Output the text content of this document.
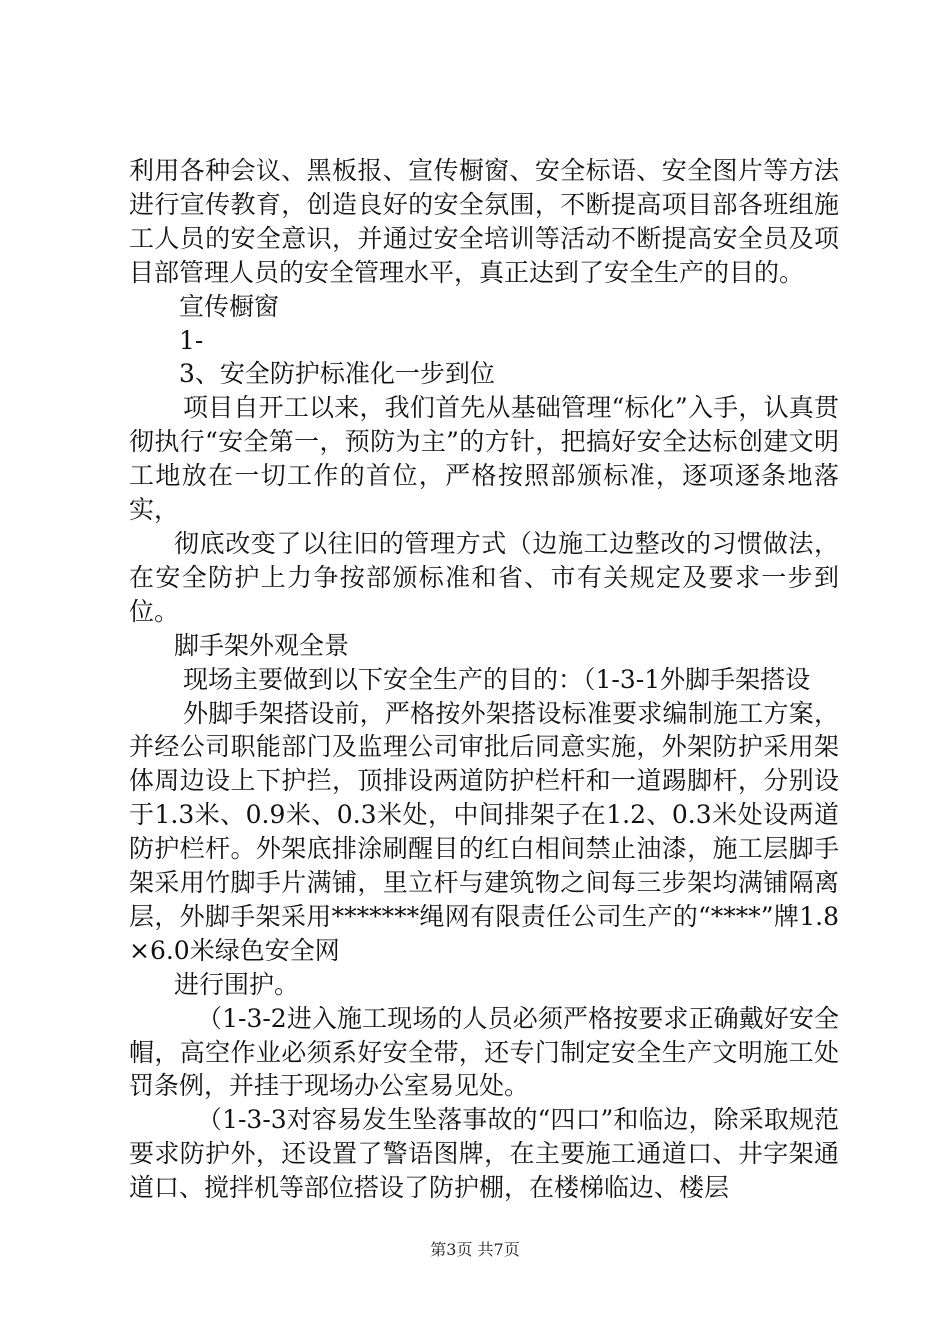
利用各种会议、黑板报、宣传橱窗、安全标语、安全图片等方法进行宣传教育，创造良好的安全氛围，不断提高项目部各班组施工人员的安全意识，并通过安全培训等活动不断提高安全员及项目部管理人员的安全管理水平，真正达到了安全生产的目的。

宣传橱窗

1-

3、安全防护标准化一步到位

项目自开工以来，我们首先从基础管理“标化”入手，认真贯彻执行“安全第一，预防为主”的方针，把搞好安全达标创建文明工地放在一切工作的首位，严格按照部颁标准，逐项逐条地落实，

彻底改变了以往旧的管理方式（边施工边整改的习惯做法，在安全防护上力争按部颁标准和省、市有关规定及要求一步到位。

脚手架外观全景

现场主要做到以下安全生产的目的：（1-3-1外脚手架搭设

外脚手架搭设前，严格按外架搭设标准要求编制施工方案，并经公司职能部门及监理公司审批后同意实施，外架防护采用架体周边设上下护拦，顶排设两道防护栏杆和一道踢脚杆，分别设于1.3米、0.9米、0.3米处，中间排架子在1.2、0.3米处设两道防护栏杆。外架底排涂刷醒目的红白相间禁止油漆，施工层脚手架采用竹脚手片满铺，里立杆与建筑物之间每三步架均满铺隔离层，外脚手架采用*******绳网有限责任公司生产的“****”牌1.8×6.0米绿色安全网

进行围护。

（1-3-2进入施工现场的人员必须严格按要求正确戴好安全帽，高空作业必须系好安全带，还专门制定安全生产文明施工处罚条例，并挂于现场办公室易见处。

（1-3-3对容易发生坠落事故的“四口”和临边，除采取规范要求防护外，还设置了警语图牌，在主要施工通道口、井字架通道口、搅拌机等部位搭设了防护棚，在楼梯临边、楼层

第3页 共7页
